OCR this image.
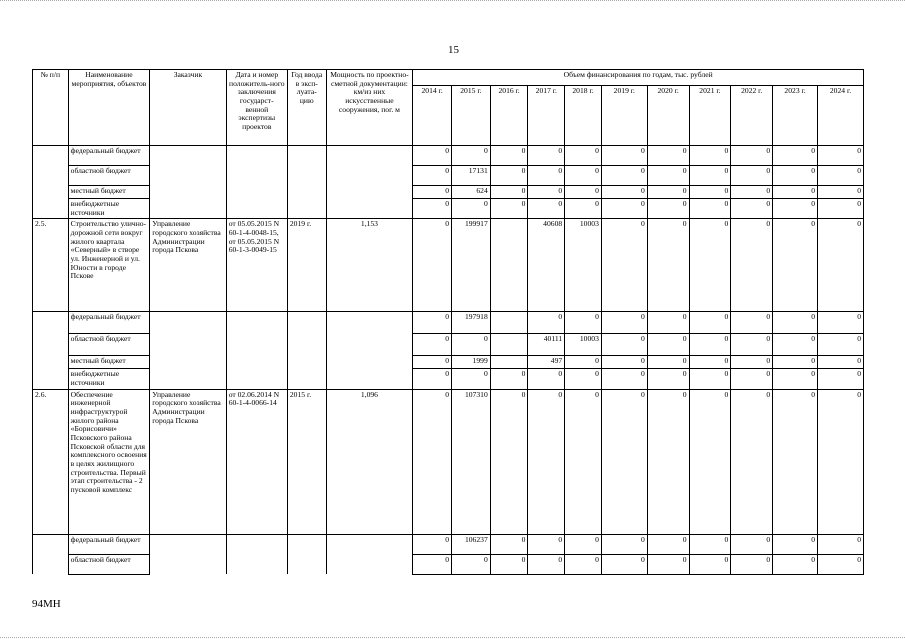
15
№ п/п	Наименование мероприятия, объектов	Заказчик	Дата и номер положитель-ного заключения государст-венной экспертизы проектов	Год ввода в эксп-луата-цию	Мощность по проектно-сметной документации: км/из них искусственные сооружения, пог. м	Объем финансирования по годам, тыс. рублей										
						2014 г.	2015 г.	2016 г.	2017 г.	2018 г.	2019 г.	2020 г.	2021 г.	2022 г.	2023 г.	2024 г.
	федеральный бюджет					0	0	0	0	0	0	0	0	0	0	0
	областной бюджет					0	17131	0	0	0	0	0	0	0	0	0
	местный бюджет					0	624	0	0	0	0	0	0	0	0	0
	внебюджетные источники					0	0	0	0	0	0	0	0	0	0	0
2.5.	Строительство улично-дорожной сети вокруг жилого квартала «Северный» в створе ул. Инженерной и ул. Юности в городе Пскове	Управление городского хозяйства Администрации города Пскова	от 05.05.2015 N 60-1-4-0048-15, от 05.05.2015 N 60-1-3-0049-15	2019 г.	1,153	0	199917		40608	10003	0	0	0	0	0	0
	федеральный бюджет					0	197918		0	0	0	0	0	0	0	0
	областной бюджет					0	0		40111	10003	0	0	0	0	0	0
	местный бюджет					0	1999		497	0	0	0	0	0	0	0
	внебюджетные источники					0	0	0	0	0	0	0	0	0	0	0
2.6.	Обеспечение инженерной инфраструктурой жилого района «Борисовичи» Псковского района Псковской области для комплексного освоения в целях жилищного строительства. Первый этап строительства - 2 пусковой комплекс	Управление городского хозяйства Администрации города Пскова	от 02.06.2014 N 60-1-4-0066-14	2015 г.	1,096	0	107310	0	0	0	0	0	0	0	0	0
	федеральный бюджет					0	106237	0	0	0	0	0	0	0	0	0
	областной бюджет					0	0	0	0	0	0	0	0	0	0	0
94МН
